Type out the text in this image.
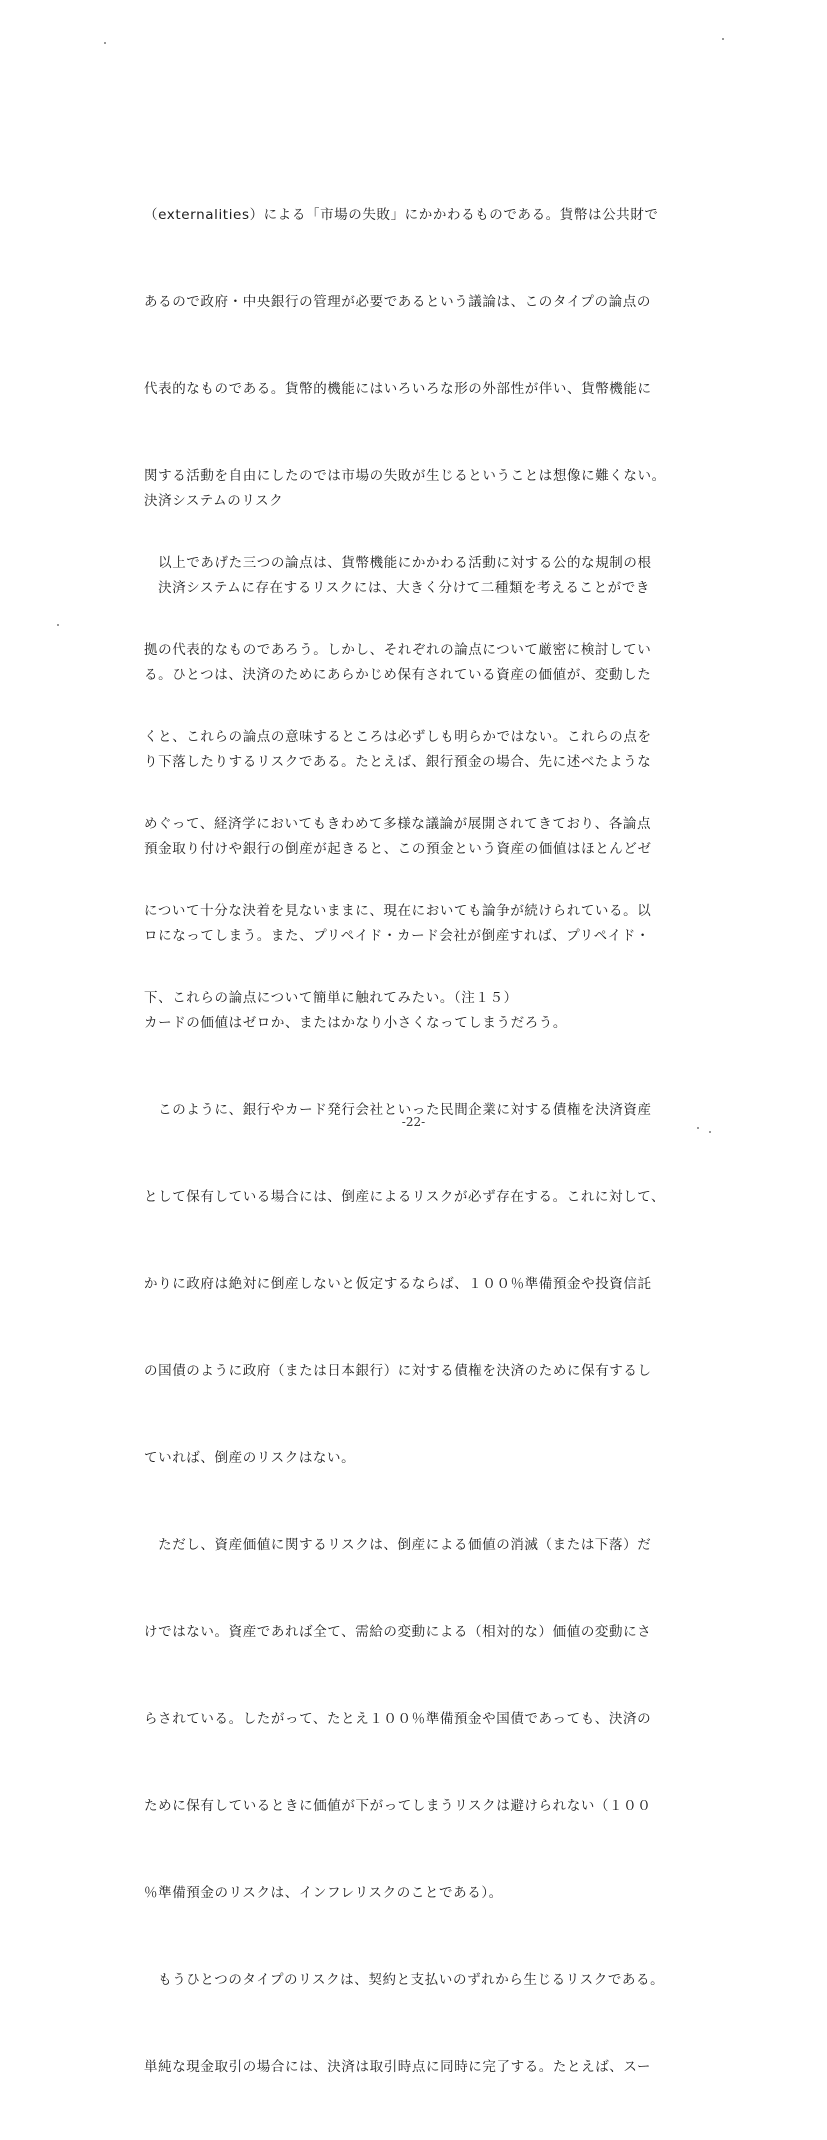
（externalities）による「市場の失敗」にかかわるものである。貨幣は公共財で

あるので政府・中央銀行の管理が必要であるという議論は、このタイプの論点の

代表的なものである。貨幣的機能にはいろいろな形の外部性が伴い、貨幣機能に

関する活動を自由にしたのでは市場の失敗が生じるということは想像に難くない。

　以上であげた三つの論点は、貨幣機能にかかわる活動に対する公的な規制の根

拠の代表的なものであろう。しかし、それぞれの論点について厳密に検討してい

くと、これらの論点の意味するところは必ずしも明らかではない。これらの点を

めぐって、経済学においてもきわめて多様な議論が展開されてきており、各論点

について十分な決着を見ないままに、現在においても論争が続けられている。以

下、これらの論点について簡単に触れてみたい。（注１５）

決済システムのリスク

　決済システムに存在するリスクには、大きく分けて二種類を考えることができ

る。ひとつは、決済のためにあらかじめ保有されている資産の価値が、変動した

り下落したりするリスクである。たとえば、銀行預金の場合、先に述べたような

預金取り付けや銀行の倒産が起きると、この預金という資産の価値はほとんどゼ

ロになってしまう。また、プリペイド・カード会社が倒産すれば、プリペイド・

カードの価値はゼロか、またはかなり小さくなってしまうだろう。

　このように、銀行やカード発行会社といった民間企業に対する債権を決済資産

として保有している場合には、倒産によるリスクが必ず存在する。これに対して、

かりに政府は絶対に倒産しないと仮定するならば、１００％準備預金や投資信託

の国債のように政府（または日本銀行）に対する債権を決済のために保有するし

ていれば、倒産のリスクはない。

　ただし、資産価値に関するリスクは、倒産による価値の消滅（または下落）だ

けではない。資産であれば全て、需給の変動による（相対的な）価値の変動にさ

らされている。したがって、たとえ１００％準備預金や国債であっても、決済の

ために保有しているときに価値が下がってしまうリスクは避けられない（１００

％準備預金のリスクは、インフレリスクのことである）。

　もうひとつのタイプのリスクは、契約と支払いのずれから生じるリスクである。

単純な現金取引の場合には、決済は取引時点に同時に完了する。たとえば、スー

-22-
